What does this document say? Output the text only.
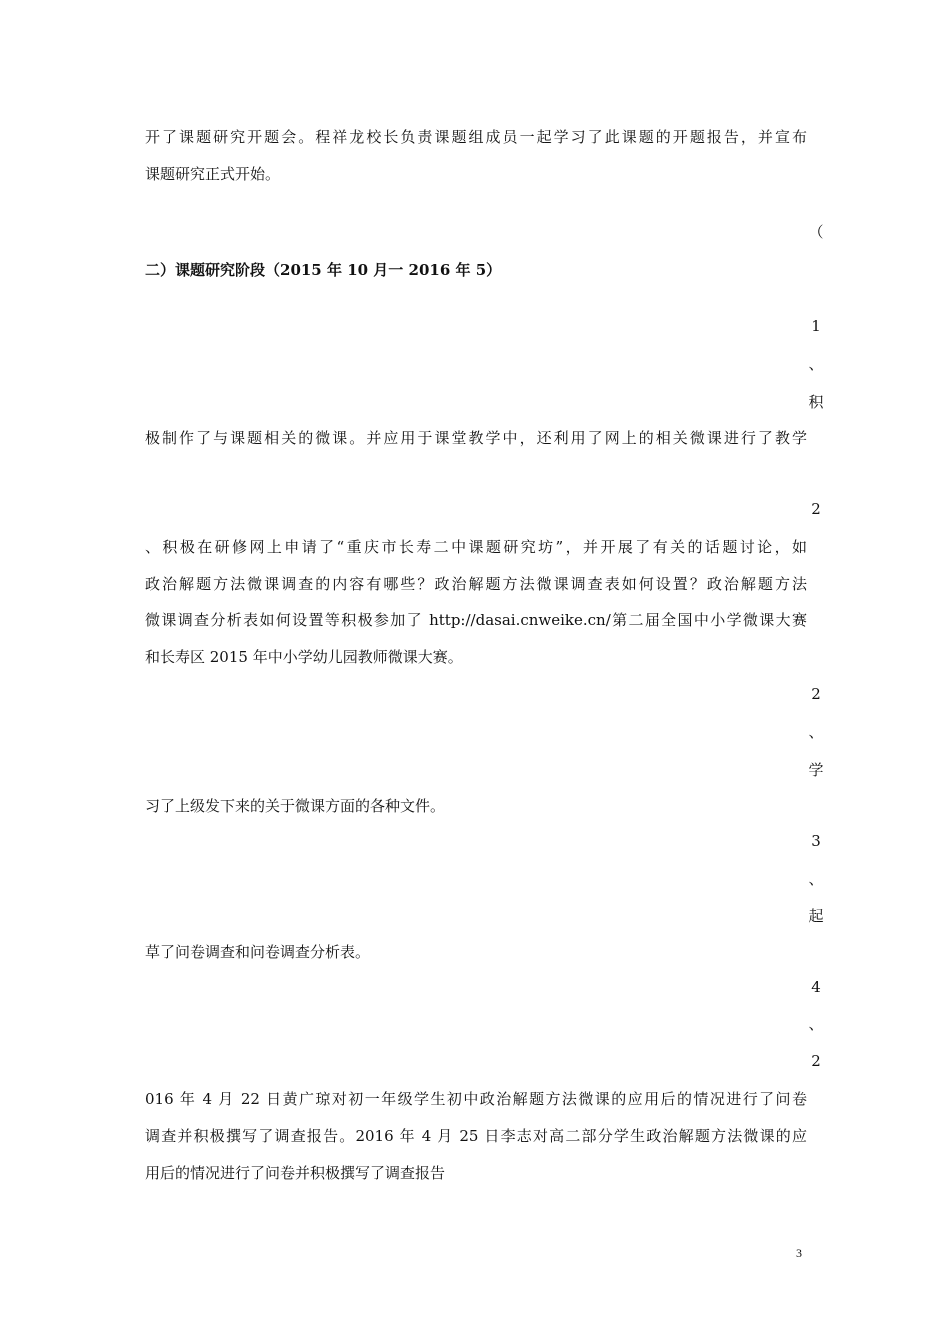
开了课题研究开题会。程祥龙校长负责课题组成员一起学习了此课题的开题报告，并宣布
课题研究正式开始。
（
二）课题研究阶段（2015 年 10 月一 2016 年 5）
1
、
积
极制作了与课题相关的微课。并应用于课堂教学中，还利用了网上的相关微课进行了教学
2
、积极在研修网上申请了“重庆市长寿二中课题研究坊”，并开展了有关的话题讨论，如
政治解题方法微课调查的内容有哪些？政治解题方法微课调查表如何设置？政治解题方法
微课调查分析表如何设置等积极参加了 http://dasai.cnweike.cn/第二届全国中小学微课大赛
和长寿区 2015 年中小学幼儿园教师微课大赛。
2
、
学
习了上级发下来的关于微课方面的各种文件。
3
、
起
草了问卷调查和问卷调查分析表。
4
、
2
016 年 4 月 22 日黄广琼对初一年级学生初中政治解题方法微课的应用后的情况进行了问卷
调查并积极撰写了调查报告。2016 年 4 月 25 日李志对高二部分学生政治解题方法微课的应
用后的情况进行了问卷并积极撰写了调查报告
3
